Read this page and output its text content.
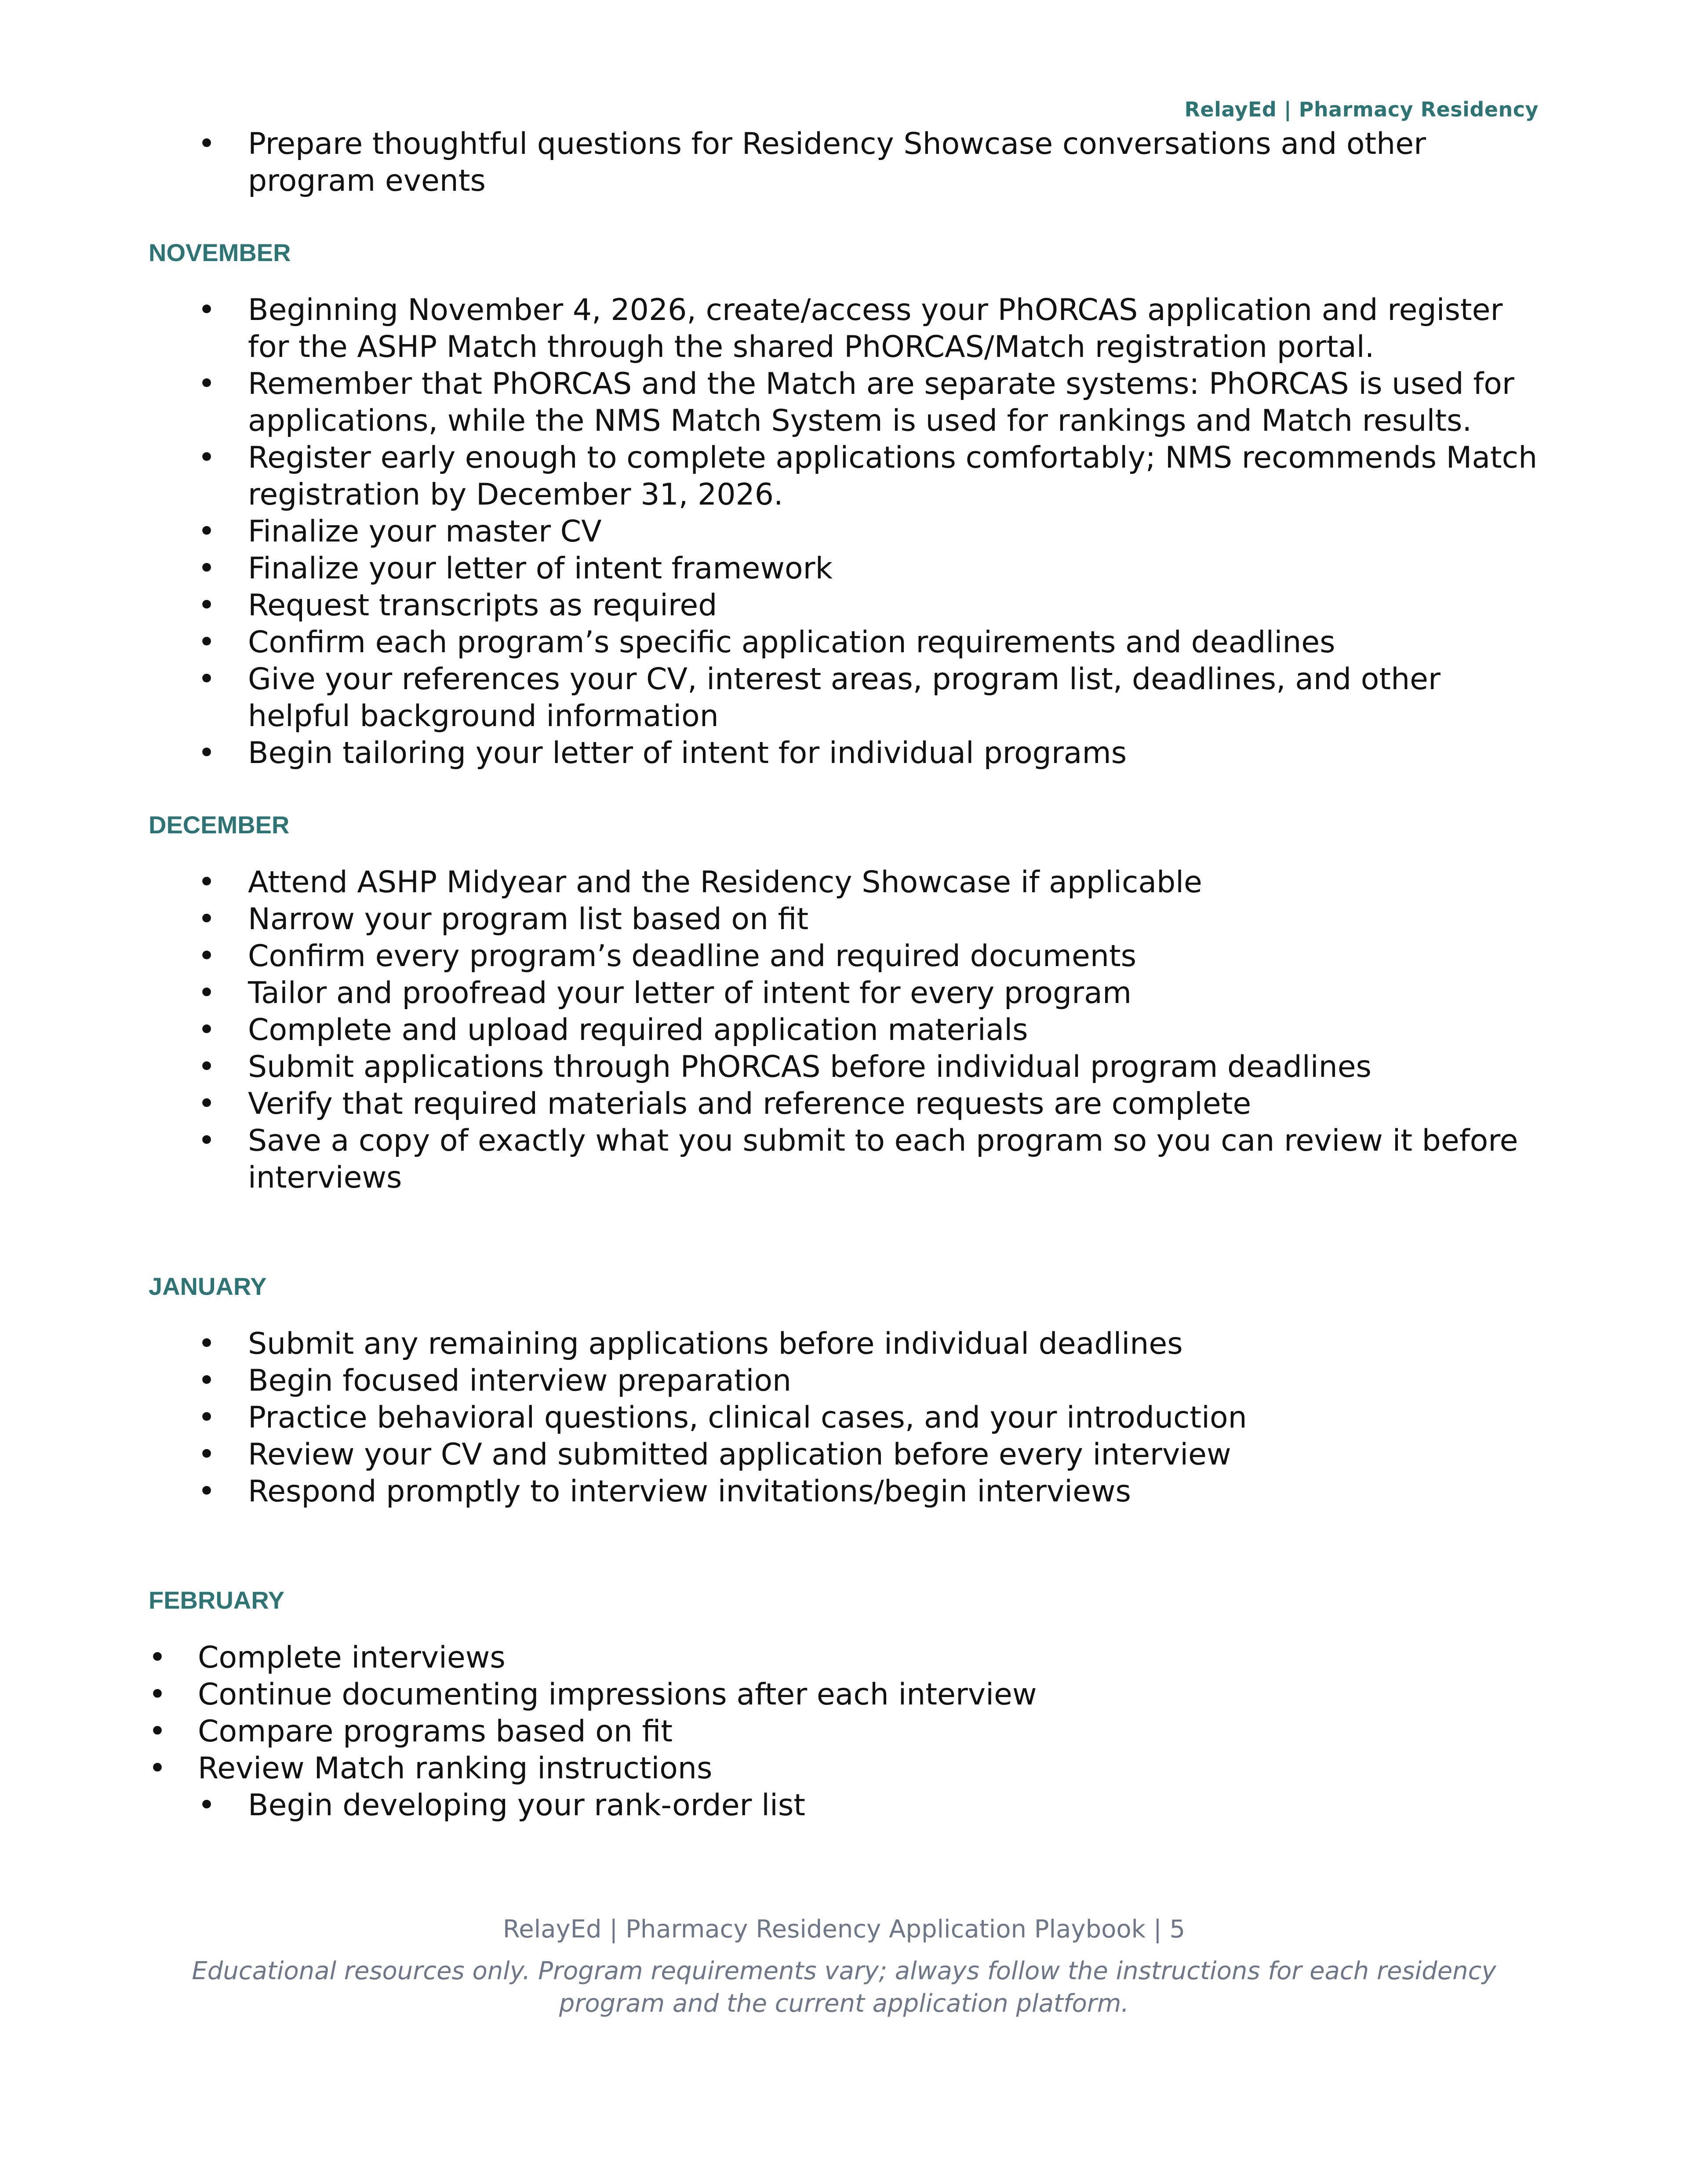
RelayEd | Pharmacy Residency
• Prepare thoughtful questions for Residency Showcase conversations and other program events
NOVEMBER
• Beginning November 4, 2026, create/access your PhORCAS application and register for the ASHP Match through the shared PhORCAS/Match registration portal.
• Remember that PhORCAS and the Match are separate systems: PhORCAS is used for applications, while the NMS Match System is used for rankings and Match results.
• Register early enough to complete applications comfortably; NMS recommends Match registration by December 31, 2026.
• Finalize your master CV
• Finalize your letter of intent framework
• Request transcripts as required
• Confirm each program’s specific application requirements and deadlines
• Give your references your CV, interest areas, program list, deadlines, and other helpful background information
• Begin tailoring your letter of intent for individual programs
DECEMBER
• Attend ASHP Midyear and the Residency Showcase if applicable
• Narrow your program list based on fit
• Confirm every program’s deadline and required documents
• Tailor and proofread your letter of intent for every program
• Complete and upload required application materials
• Submit applications through PhORCAS before individual program deadlines
• Verify that required materials and reference requests are complete
• Save a copy of exactly what you submit to each program so you can review it before interviews
JANUARY
• Submit any remaining applications before individual deadlines
• Begin focused interview preparation
• Practice behavioral questions, clinical cases, and your introduction
• Review your CV and submitted application before every interview
• Respond promptly to interview invitations/begin interviews
FEBRUARY
• Complete interviews
• Continue documenting impressions after each interview
• Compare programs based on fit
• Review Match ranking instructions
• Begin developing your rank-order list
RelayEd | Pharmacy Residency Application Playbook | 5
Educational resources only. Program requirements vary; always follow the instructions for each residency program and the current application platform.
